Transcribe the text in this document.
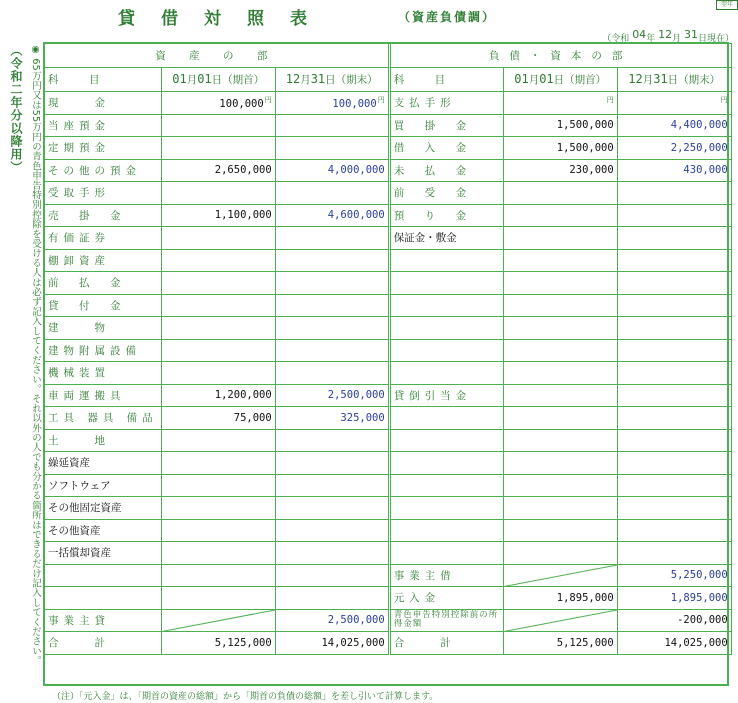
翌年
貸借対照表	（資産負債調）
（令和 04年 12月 31日現在）
（令和二年分以降用） ◉ 65万円又は55万円の青色申告特別控除を受ける人は必ず記入してください。それ以外の人でも分かる箇所はできるだけ記入してください。	資 産 の 部			負債・資本の部		
科　目	01月01日（期首）	12月31日（期末）	科　目	01月01日（期首）	12月31日（期末）
現　　金	$100,000^円$	$100,000^円$	支払手形	$^円$	$^円$
当座預金			買　掛　金	1,500,000	4,400,000
定期預金			借　入　金	1,500,000	2,250,000
その他の預金	2,650,000	4,000,000	未　払　金	230,000	430,000
受取手形			前　受　金		
売　掛　金	1,100,000	4,600,000	預　り　金		
有価証券			保証金・敷金		
棚卸資産					
前　払　金					
貸　付　金					
建　　物					
建物附属設備					
機械装置					
車両運搬具	1,200,000	2,500,000	貸倒引当金		
工具 器具 備品	75,000	325,000			
土　　地					
繰延資産					
ソフトウェア					
その他固定資産					
その他資産					
一括償却資産					
			事業主借		5,250,000
			元入金	1,895,000	1,895,000
事業主貸		2,500,000	青色申告特別控除前の所得金額		-200,000
合　　計	5,125,000	14,025,000	合　　計	5,125,000	14,025,000
（注）「元入金」は、「期首の資産の総額」から「期首の負債の総額」を差し引いて計算します。
